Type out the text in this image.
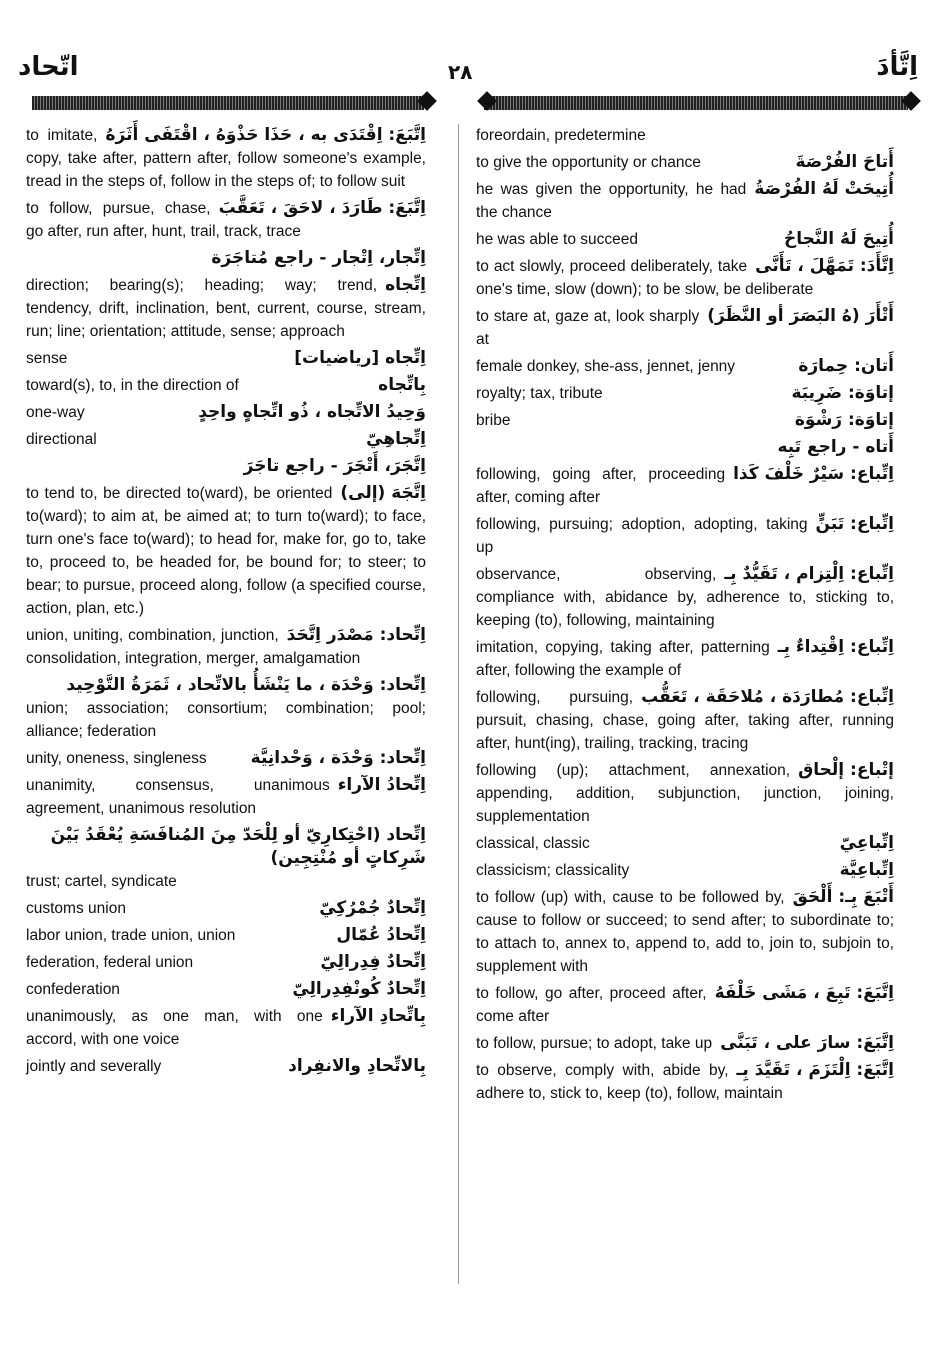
اتّحاد	٢٨	اِتَّأدَ
اِتَّبَعَ: اِقْتَدَى به ، حَذَا حَذْوَهُ ، اقْتَفَى أَثَرَهُ
to imitate, copy, take after, pattern after, follow someone's example, tread in the steps of, follow in the steps of; to follow suit
اِتَّبَعَ: طَارَدَ ، لاحَقَ ، تَعَقَّبَ
to follow, pursue, chase, go after, run after, hunt, trail, track, trace
اِتِّجار، اِتْجار - راجع مُتاجَرَة
اِتِّجاه
direction; bearing(s); heading; way; trend, tendency, drift, inclination, bent, current, course, stream, run; line; orientation; attitude, sense; approach
اِتِّجاه [رياضيات]
sense
بِاتِّجاه
toward(s), to, in the direction of
وَحِيدُ الاتِّجاه ، ذُو اتِّجاهٍ واحِدٍ
one-way
اِتِّجاهِيّ
directional
اِتَّجَرَ، أَتْجَرَ - راجع تاجَرَ
اِتَّجَهَ (إلى)
to tend to, be directed to(ward), be oriented to(ward); to aim at, be aimed at; to turn to(ward); to face, turn one's face to(ward); to head for, make for, go to, take to, proceed to, be headed for, be bound for; to steer; to bear; to pursue, proceed along, follow (a specified course, action, plan, etc.)
اِتِّحاد: مَصْدَر اِتَّحَدَ
union, uniting, combination, junction, consolidation, integration, merger, amalgamation
اِتِّحاد: وَحْدَة ، ما يَنْشَأُ بالاتِّحاد ، ثَمَرَةُ التَّوْحِيد
union; association; consortium; combination; pool; alliance; federation
اِتِّحاد: وَحْدَة ، وَحْدانِيَّة
unity, oneness, singleness
اِتِّحادُ الآراء
unanimity, consensus, unanimous agreement, unanimous resolution
اِتِّحاد (احْتِكارِيّ أو لِلْحَدّ مِنَ المُنافَسَةِ يُعْقَدُ بَيْنَ شَرِكاتٍ أو مُنْتِجِين)
trust; cartel, syndicate
اِتِّحادٌ جُمْرُكِيّ
customs union
اِتِّحادُ عُمّال
labor union, trade union, union
اِتِّحادٌ فِدِرالِيّ
federation, federal union
اِتِّحادٌ كُونْفِدِرالِيّ
confederation
بِاتِّحادِ الآراء
unanimously, as one man, with one accord, with one voice
بِالاتِّحادِ والانفِراد
jointly and severally
foreordain, predetermine
أَتاحَ الفُرْصَةَ
to give the opportunity or chance
أُتِيحَتْ لَهُ الفُرْصَةُ
he was given the opportunity, he had the chance
أُتِيحَ لَهُ النَّجاحُ
he was able to succeed
اِتَّأَدَ: تَمَهَّلَ ، تَأَنَّى
to act slowly, proceed deliberately, take one's time, slow (down); to be slow, be deliberate
أَتْأَرَ (هُ البَصَرَ أو النَّظَرَ)
to stare at, gaze at, look sharply at
أَتان: حِمارَة
female donkey, she-ass, jennet, jenny
إتاوَة: ضَرِيبَة
royalty; tax, tribute
إتاوَة: رَشْوَة
bribe
أَتاه - راجع تَبِه
اِتِّباع: سَيْرٌ خَلْفَ كَذا
following, going after, proceeding after, coming after
اِتِّباع: تَبَنٍّ
following, pursuing; adoption, adopting, taking up
اِتِّباع: اِلْتِزام ، تَقَيُّدٌ بِـ
observance, observing, compliance with, abidance by, adherence to, sticking to, keeping (to), following, maintaining
اِتِّباع: اِقْتِداءٌ بِـ
imitation, copying, taking after, patterning after, following the example of
اِتِّباع: مُطارَدَة ، مُلاحَقَة ، تَعَقُّب
following, pursuing, pursuit, chasing, chase, going after, taking after, running after, hunt(ing), trailing, tracking, tracing
إتْباع: إلْحاق
following (up); attachment, annexation, appending, addition, subjunction, junction, joining, supplementation
اِتِّباعِيّ
classical, classic
اِتِّباعِيَّة
classicism; classicality
أَتْبَعَ بِـ: أَلْحَقَ
to follow (up) with, cause to be followed by, cause to follow or succeed; to send after; to subordinate to; to attach to, annex to, append to, add to, join to, subjoin to, supplement with
اِتَّبَعَ: تَبِعَ ، مَشَى خَلْفَهُ
to follow, go after, proceed after, come after
اِتَّبَعَ: سارَ على ، تَبَنَّى
to follow, pursue; to adopt, take up
اِتَّبَعَ: اِلْتَزَمَ ، تَقَيَّدَ بِـ
to observe, comply with, abide by, adhere to, stick to, keep (to), follow, maintain
